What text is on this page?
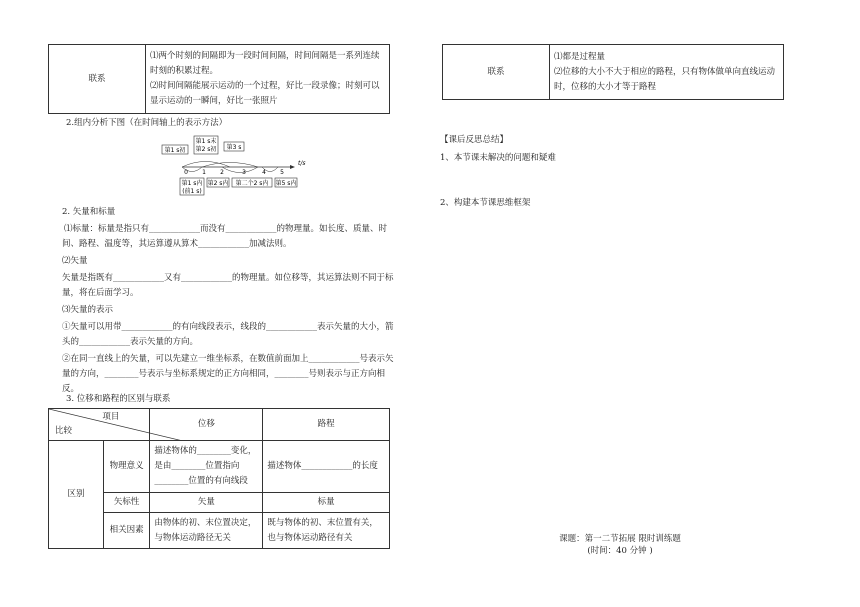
联系	
⑴两个时刻的间隔即为一段时间间隔，时间间隔是一系列连续时刻的积累过程。
⑵时间间隔能展示运动的一个过程，好比一段录像；时刻可以显示运动的一瞬间，好比一张照片
2.组内分析下图（在时间轴上的表示方法）
第1 s初
第1 s末
第2 s初 第3 s
0 1 2	3	4 5
t/s
第1 s内
(前1 s)
第2 s内 第二个2 s内 第5 s内
2. 矢量和标量
⑴标量：标量是指只有____________而没有____________的物理量。如长度、质量、时间、路程、温度等，其运算遵从算术____________加减法则。
⑵矢量
矢量是指既有____________又有____________的物理量。如位移等，其运算法则不同于标量，将在后面学习。
⑶矢量的表示
①矢量可以用带____________的有向线段表示，线段的____________表示矢量的大小，箭头的____________表示矢量的方向。
②在同一直线上的矢量，可以先建立一维坐标系，在数值前面加上____________号表示矢量的方向，________号表示与坐标系规定的正方向相同，________号则表示与正方向相反。
3. 位移和路程的区别与联系
项目
比较		位移	路程
区别	物理意义	描述物体的________变化，是由________位置指向________位置的有向线段	描述物体____________的长度
	矢标性	矢量	标量
	相关因素	由物体的初、末位置决定，与物体运动路径无关	既与物体的初、末位置有关，也与物体运动路径有关
联系	
⑴都是过程量
⑵位移的大小不大于相应的路程，只有物体做单向直线运动时，位移的大小才等于路程
【课后反思总结】
1、本节课未解决的问题和疑难
2、构建本节课思维框架
课题：第一二节拓展 限时训练题
(时间：40 分钟 )
